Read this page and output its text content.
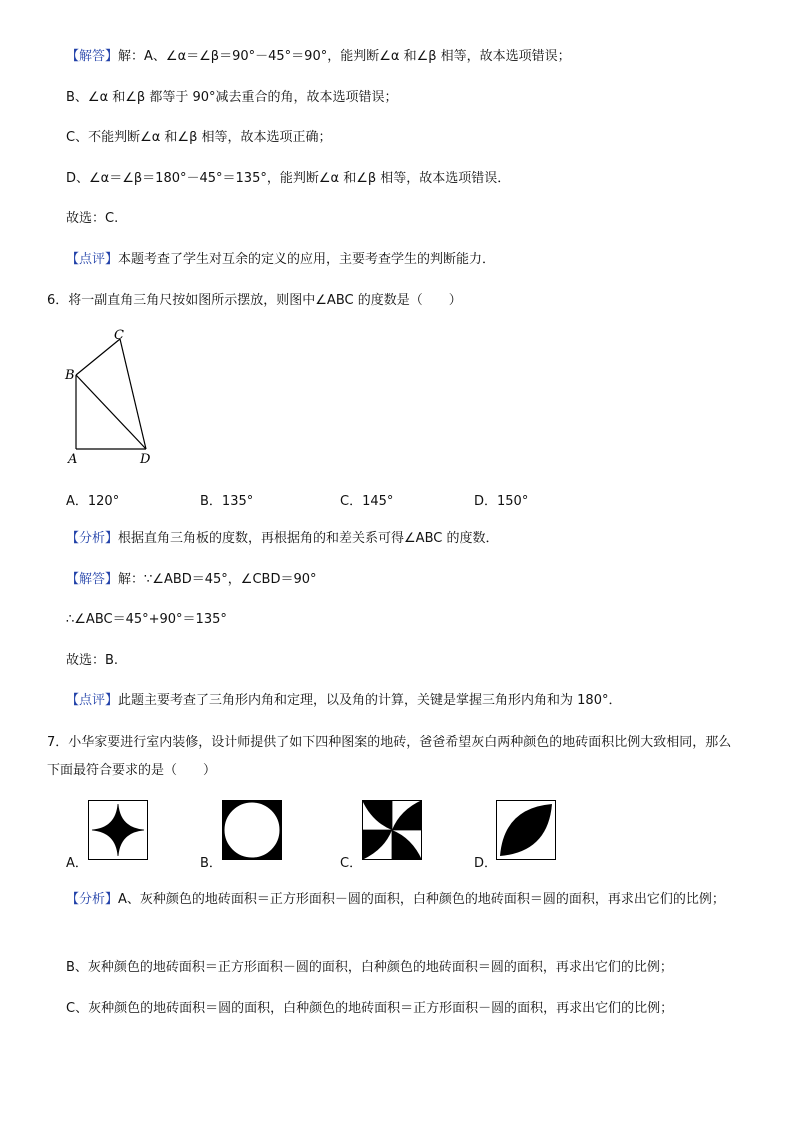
【解答】解：A、∠α＝∠β＝90°－45°＝90°，能判断∠α 和∠β 相等，故本选项错误；
B、∠α 和∠β 都等于 90°减去重合的角，故本选项错误；
C、不能判断∠α 和∠β 相等，故本选项正确；
D、∠α＝∠β＝180°－45°＝135°，能判断∠α 和∠β 相等，故本选项错误．
故选：C.
【点评】本题考查了学生对互余的定义的应用，主要考查学生的判断能力．
6．将一副直角三角尺按如图所示摆放，则图中∠ABC 的度数是（　　）
C
B
A	D
A．120°	B．135°	C．145°	D．150°
【分析】根据直角三角板的度数，再根据角的和差关系可得∠ABC 的度数．
【解答】解：∵∠ABD＝45°，∠CBD＝90°
∴∠ABC＝45°+90°＝135°
故选：B.
【点评】此题主要考查了三角形内角和定理，以及角的计算，关键是掌握三角形内角和为 180°．
7．小华家要进行室内装修，设计师提供了如下四种图案的地砖，爸爸希望灰白两种颜色的地砖面积比例大致相同，那么下面最符合要求的是（　　）
A．	B．	C．	D．
【分析】A、灰种颜色的地砖面积＝正方形面积－圆的面积，白种颜色的地砖面积＝圆的面积，再求出它们的比例；
B、灰种颜色的地砖面积＝正方形面积－圆的面积，白种颜色的地砖面积＝圆的面积，再求出它们的比例；
C、灰种颜色的地砖面积＝圆的面积，白种颜色的地砖面积＝正方形面积－圆的面积，再求出它们的比例；
